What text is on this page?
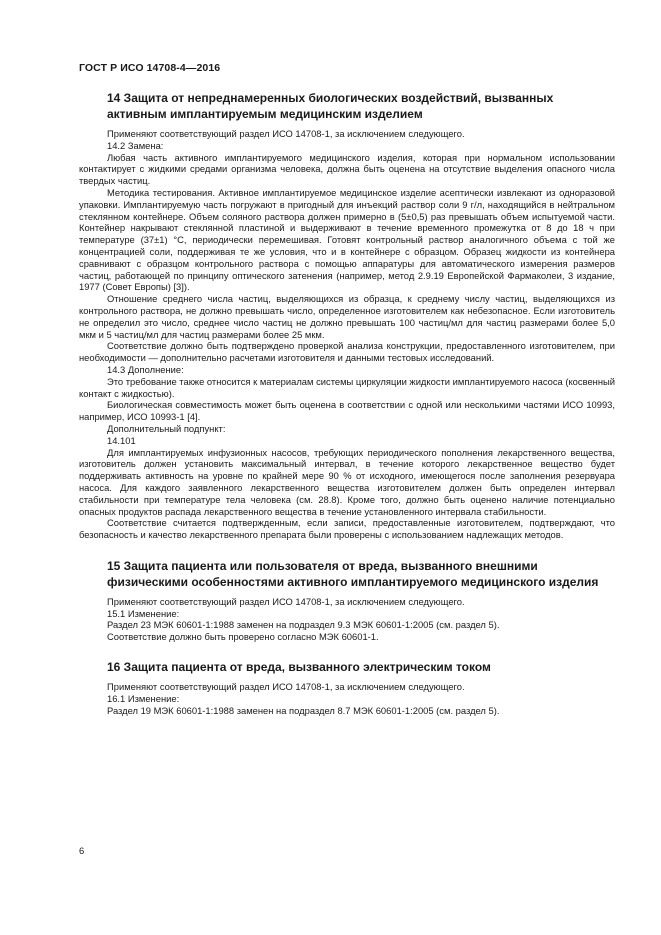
ГОСТ Р ИСО 14708-4—2016
14 Защита от непреднамеренных биологических воздействий, вызванных активным имплантируемым медицинским изделием

Применяют соответствующий раздел ИСО 14708-1, за исключением следующего.

14.2 Замена:

Любая часть активного имплантируемого медицинского изделия, которая при нормальном использовании контактирует с жидкими средами организма человека, должна быть оценена на отсутствие выделения опасного числа твердых частиц.

Методика тестирования. Активное имплантируемое медицинское изделие асептически извлекают из одноразовой упаковки. Имплантируемую часть погружают в пригодный для инъекций раствор соли 9 г/л, находящийся в нейтральном стеклянном контейнере. Объем соляного раствора должен примерно в (5±0,5) раз превышать объем испытуемой части. Контейнер накрывают стеклянной пластиной и выдерживают в течение временного промежутка от 8 до 18 ч при температуре (37±1) °С, периодически перемешивая. Готовят контрольный раствор аналогичного объема с той же концентрацией соли, поддерживая те же условия, что и в контейнере с образцом. Образец жидкости из контейнера сравнивают с образцом контрольного раствора с помощью аппаратуры для автоматического измерения размеров частиц, работающей по принципу оптического затенения (например, метод 2.9.19 Европейской Фармаколеи, 3 издание, 1977 (Совет Европы) [3]).

Отношение среднего числа частиц, выделяющихся из образца, к среднему числу частиц, выделяющихся из контрольного раствора, не должно превышать число, определенное изготовителем как небезопасное. Если изготовитель не определил это число, среднее число частиц не должно превышать 100 частиц/мл для частиц размерами более 5,0 мкм и 5 частиц/мл для частиц размерами более 25 мкм.

Соответствие должно быть подтверждено проверкой анализа конструкции, предоставленного изготовителем, при необходимости — дополнительно расчетами изготовителя и данными тестовых исследований.

14.3 Дополнение:

Это требование также относится к материалам системы циркуляции жидкости имплантируемого насоса (косвенный контакт с жидкостью).

Биологическая совместимость может быть оценена в соответствии с одной или несколькими частями ИСО 10993, например, ИСО 10993-1 [4].

Дополнительный подпункт:

14.101

Для имплантируемых инфузионных насосов, требующих периодического пополнения лекарственного вещества, изготовитель должен установить максимальный интервал, в течение которого лекарственное вещество будет поддерживать активность на уровне по крайней мере 90 % от исходного, имеющегося после заполнения резервуара насоса. Для каждого заявленного лекарственного вещества изготовителем должен быть определен интервал стабильности при температуре тела человека (см. 28.8). Кроме того, должно быть оценено наличие потенциально опасных продуктов распада лекарственного вещества в течение установленного интервала стабильности.

Соответствие считается подтвержденным, если записи, предоставленные изготовителем, подтверждают, что безопасность и качество лекарственного препарата были проверены с использованием надлежащих методов.

15 Защита пациента или пользователя от вреда, вызванного внешними физическими особенностями активного имплантируемого медицинского изделия

Применяют соответствующий раздел ИСО 14708-1, за исключением следующего.

15.1 Изменение:

Раздел 23 МЭК 60601-1:1988 заменен на подраздел 9.3 МЭК 60601-1:2005 (см. раздел 5).

Соответствие должно быть проверено согласно МЭК 60601-1.

16 Защита пациента от вреда, вызванного электрическим током

Применяют соответствующий раздел ИСО 14708-1, за исключением следующего.

16.1 Изменение:

Раздел 19 МЭК 60601-1:1988 заменен на подраздел 8.7 МЭК 60601-1:2005 (см. раздел 5).

6
